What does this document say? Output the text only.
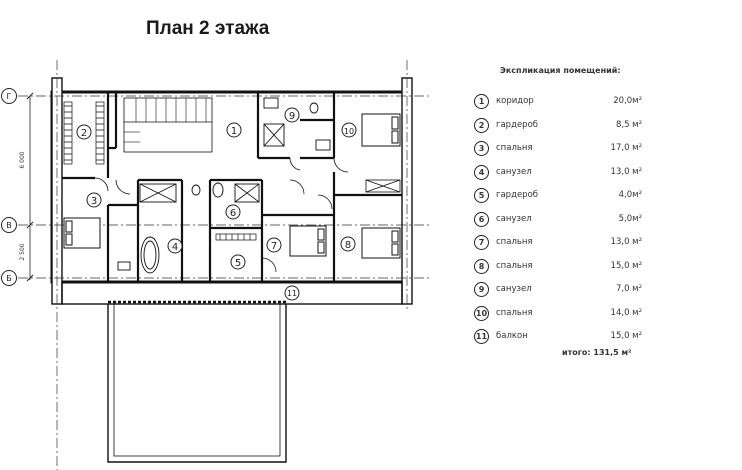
План 2 этажа
6 000
2 500
Г
В
Б
1
2
3
4
5
6
7	8
9
10
11
Экспликация помещений:
1	коридор	20,0м²
2	гардероб	8,5 м²
3	спальня	17,0 м²
4	санузел	13,0 м²
5	гардероб	4,0м²
6	санузел	5,0м²
7	спальня	13,0 м²
8	спальня	15,0 м²
9	санузел	7,0 м²
10 спальня	14,0 м²
11 балкон	15,0 м²
итого: 131,5 м²
